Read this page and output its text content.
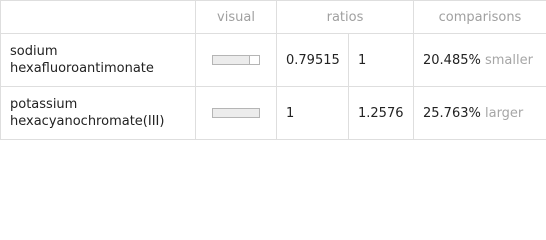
	visual	ratios		comparisons

sodium
hexafluoroantimonate		0.79515	1	20.485% smaller

potassium
hexacyanochromate(III)		1	1.2576	25.763% larger
